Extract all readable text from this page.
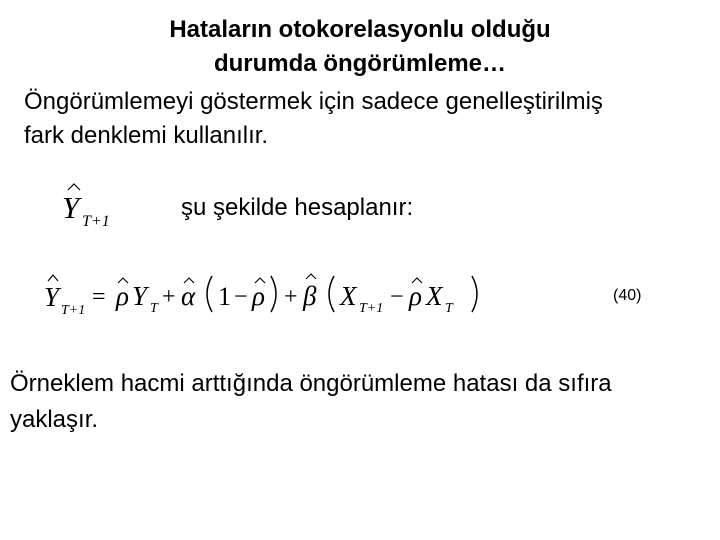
Hataların otokorelasyonlu olduğu
durumda öngörümleme…
Öngörümlemeyi göstermek için sadece genelleştirilmiş
fark denklemi kullanılır.
Y T+1
şu şekilde hesaplanır:
Y T+1
= ρ Y T + α 1 − ρ + β X T+1 − ρ X T
(40)
Örneklem hacmi arttığında öngörümleme hatası da sıfıra
yaklaşır.
